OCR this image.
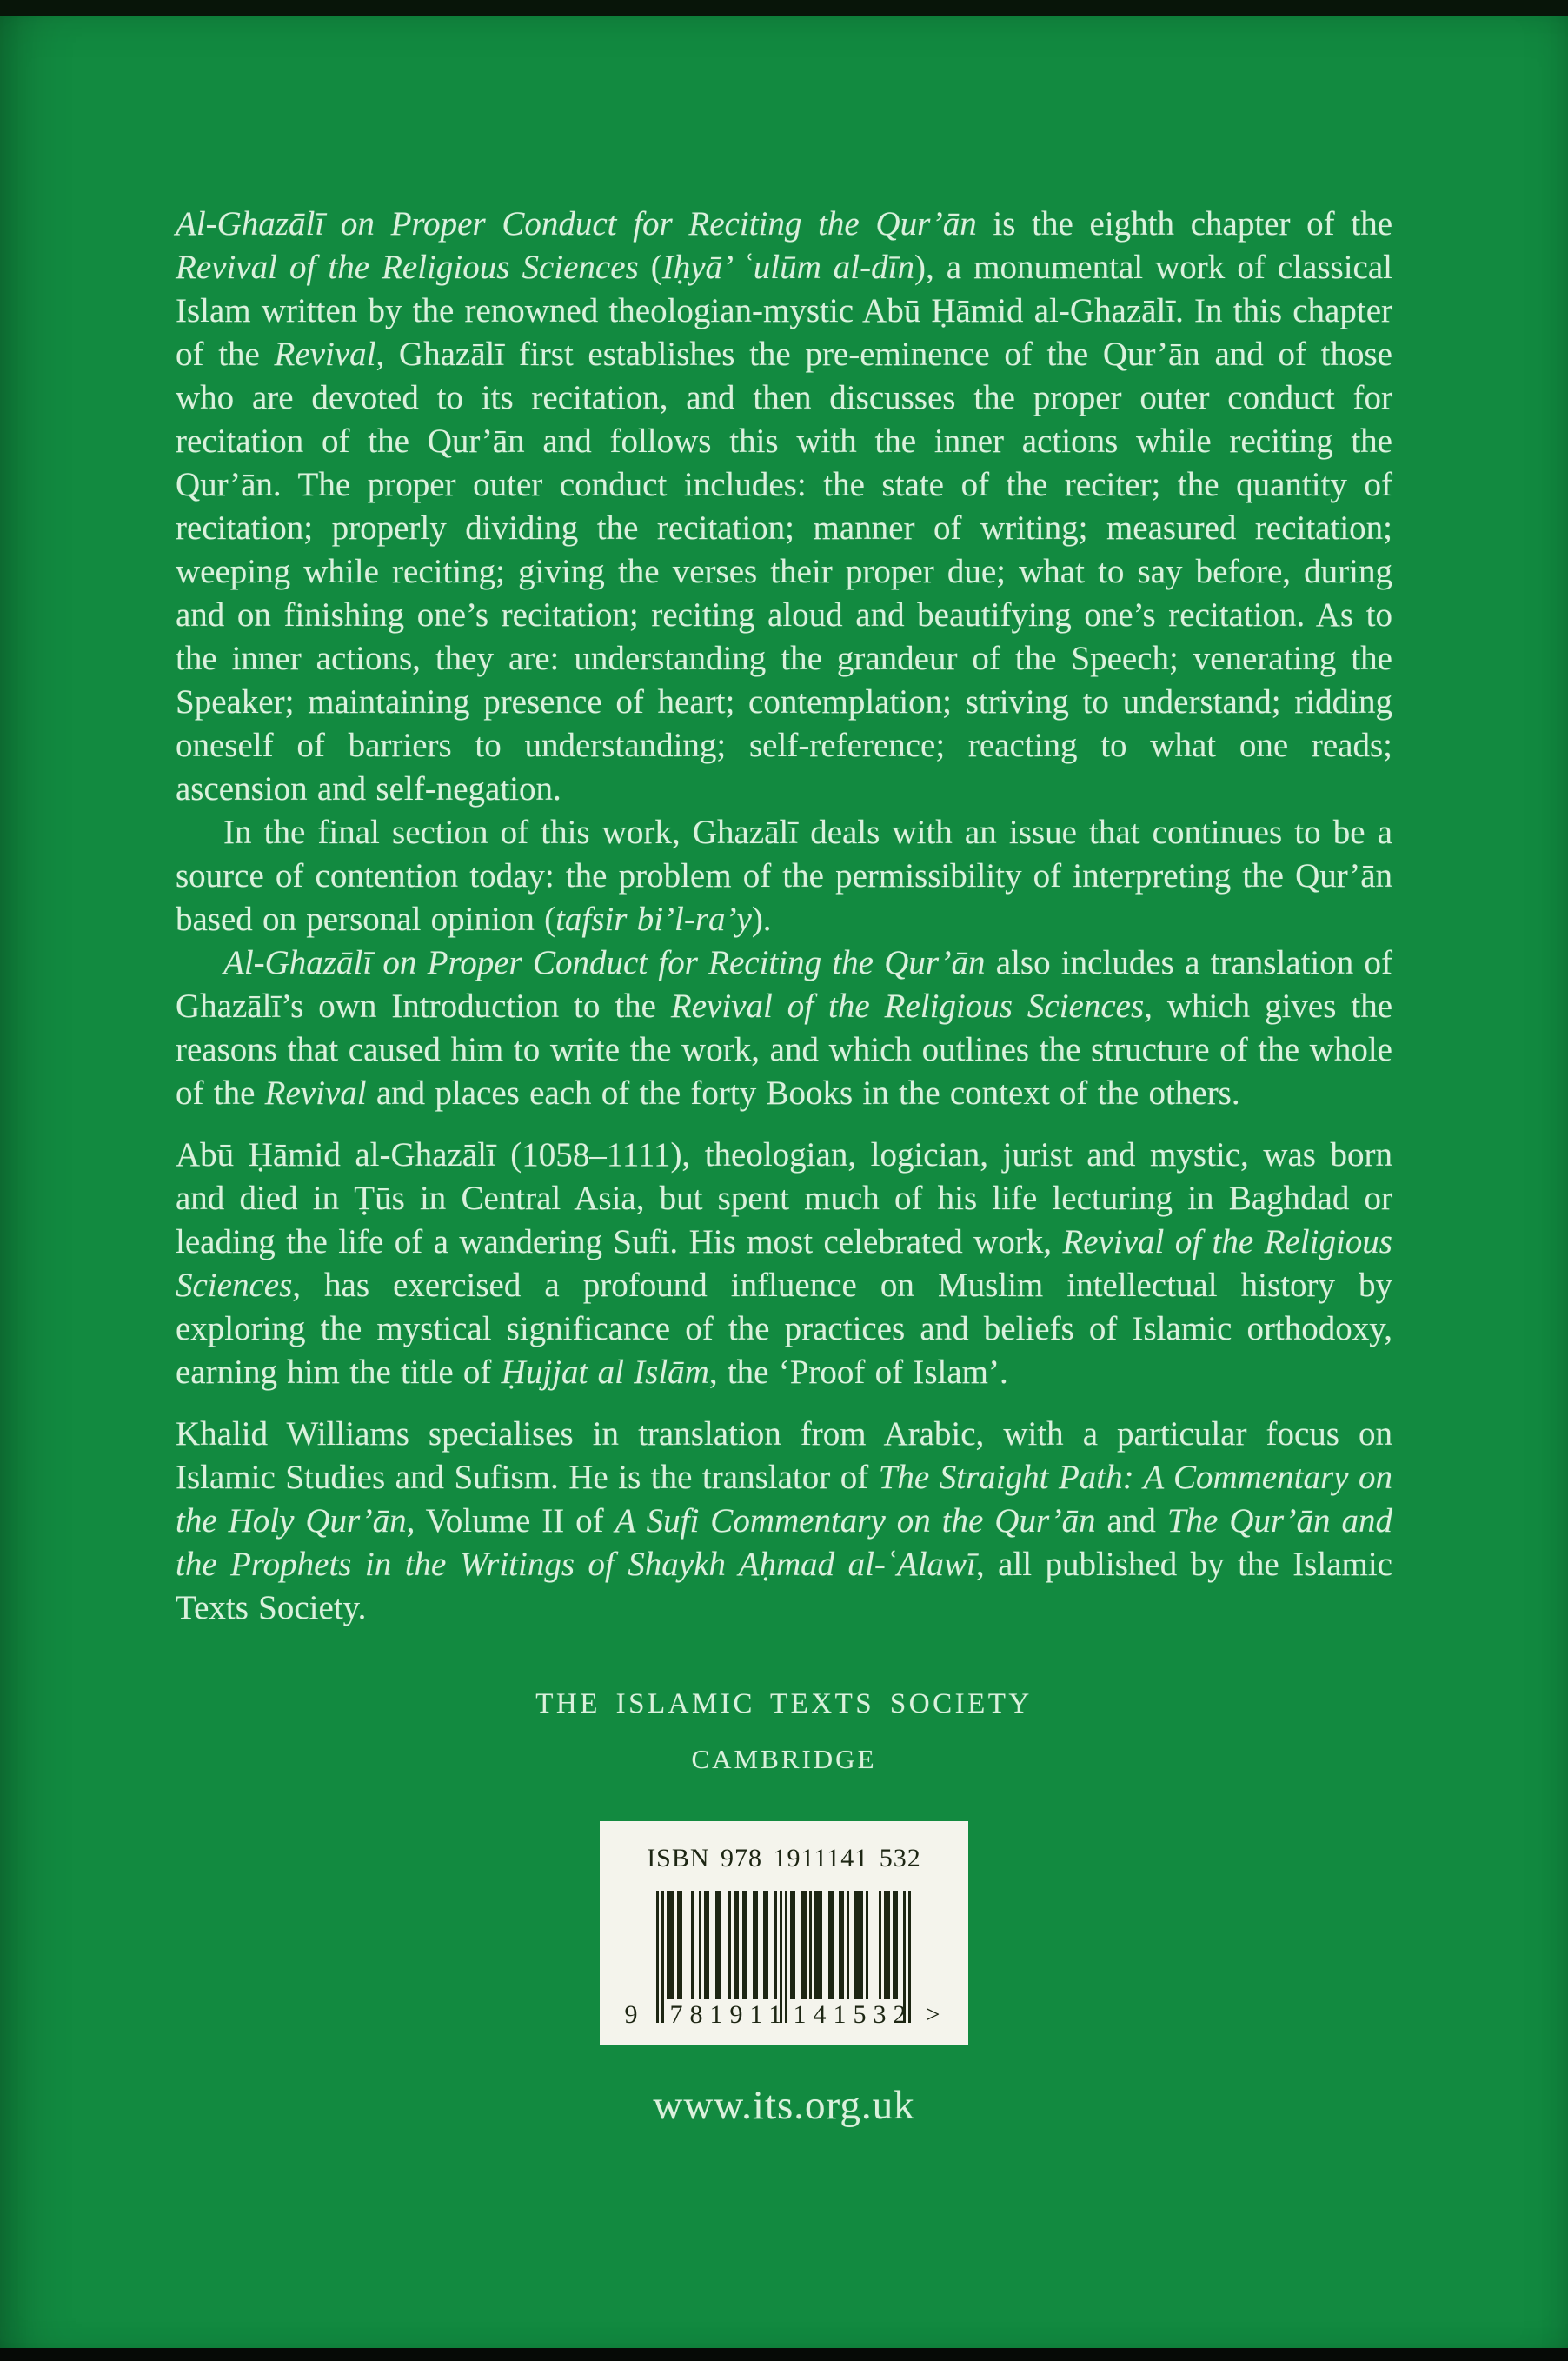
Al-Ghazālī on Proper Conduct for Reciting the Qur’ān is the eighth chapter of the Revival of the Religious Sciences (Iḥyā’ ʿulūm al-dīn), a monumental work of classical Islam written by the renowned theologian-mystic Abū Ḥāmid al-Ghazālī. In this chapter of the Revival, Ghazālī first establishes the pre-eminence of the Qur’ān and of those who are devoted to its recitation, and then discusses the proper outer conduct for recitation of the Qur’ān and follows this with the inner actions while reciting the Qur’ān. The proper outer conduct includes: the state of the reciter; the quantity of recitation; properly dividing the recitation; manner of writing; measured recitation; weeping while reciting; giving the verses their proper due; what to say before, during and on finishing one’s recitation; reciting aloud and beautifying one’s recitation. As to the inner actions, they are: understanding the grandeur of the Speech; venerating the Speaker; maintaining presence of heart; contemplation; striving to understand; ridding oneself of barriers to understanding; self-reference; reacting to what one reads; ascension and self-negation.

In the final section of this work, Ghazālī deals with an issue that continues to be a source of contention today: the problem of the permissibility of interpreting the Qur’ān based on personal opinion (tafsir bi’l-ra’y).

Al-Ghazālī on Proper Conduct for Reciting the Qur’ān also includes a translation of Ghazālī’s own Introduction to the Revival of the Religious Sciences, which gives the reasons that caused him to write the work, and which outlines the structure of the whole of the Revival and places each of the forty Books in the context of the others.

Abū Ḥāmid al-Ghazālī (1058–1111), theologian, logician, jurist and mystic, was born and died in Ṭūs in Central Asia, but spent much of his life lecturing in Baghdad or leading the life of a wandering Sufi. His most celebrated work, Revival of the Religious Sciences, has exercised a profound influence on Muslim intellectual history by exploring the mystical significance of the practices and beliefs of Islamic orthodoxy, earning him the title of Ḥujjat al Islām, the ‘Proof of Islam’.

Khalid Williams specialises in translation from Arabic, with a particular focus on Islamic Studies and Sufism. He is the translator of The Straight Path: A Commentary on the Holy Qur’ān, Volume II of A Sufi Commentary on the Qur’ān and The Qur’ān and the Prophets in the Writings of Shaykh Aḥmad al-ʿAlawī, all published by the Islamic Texts Society.

THE ISLAMIC TEXTS SOCIETY
CAMBRIDGE
ISBN 978 1911141 532
9 781911 141532 >
www.its.org.uk
